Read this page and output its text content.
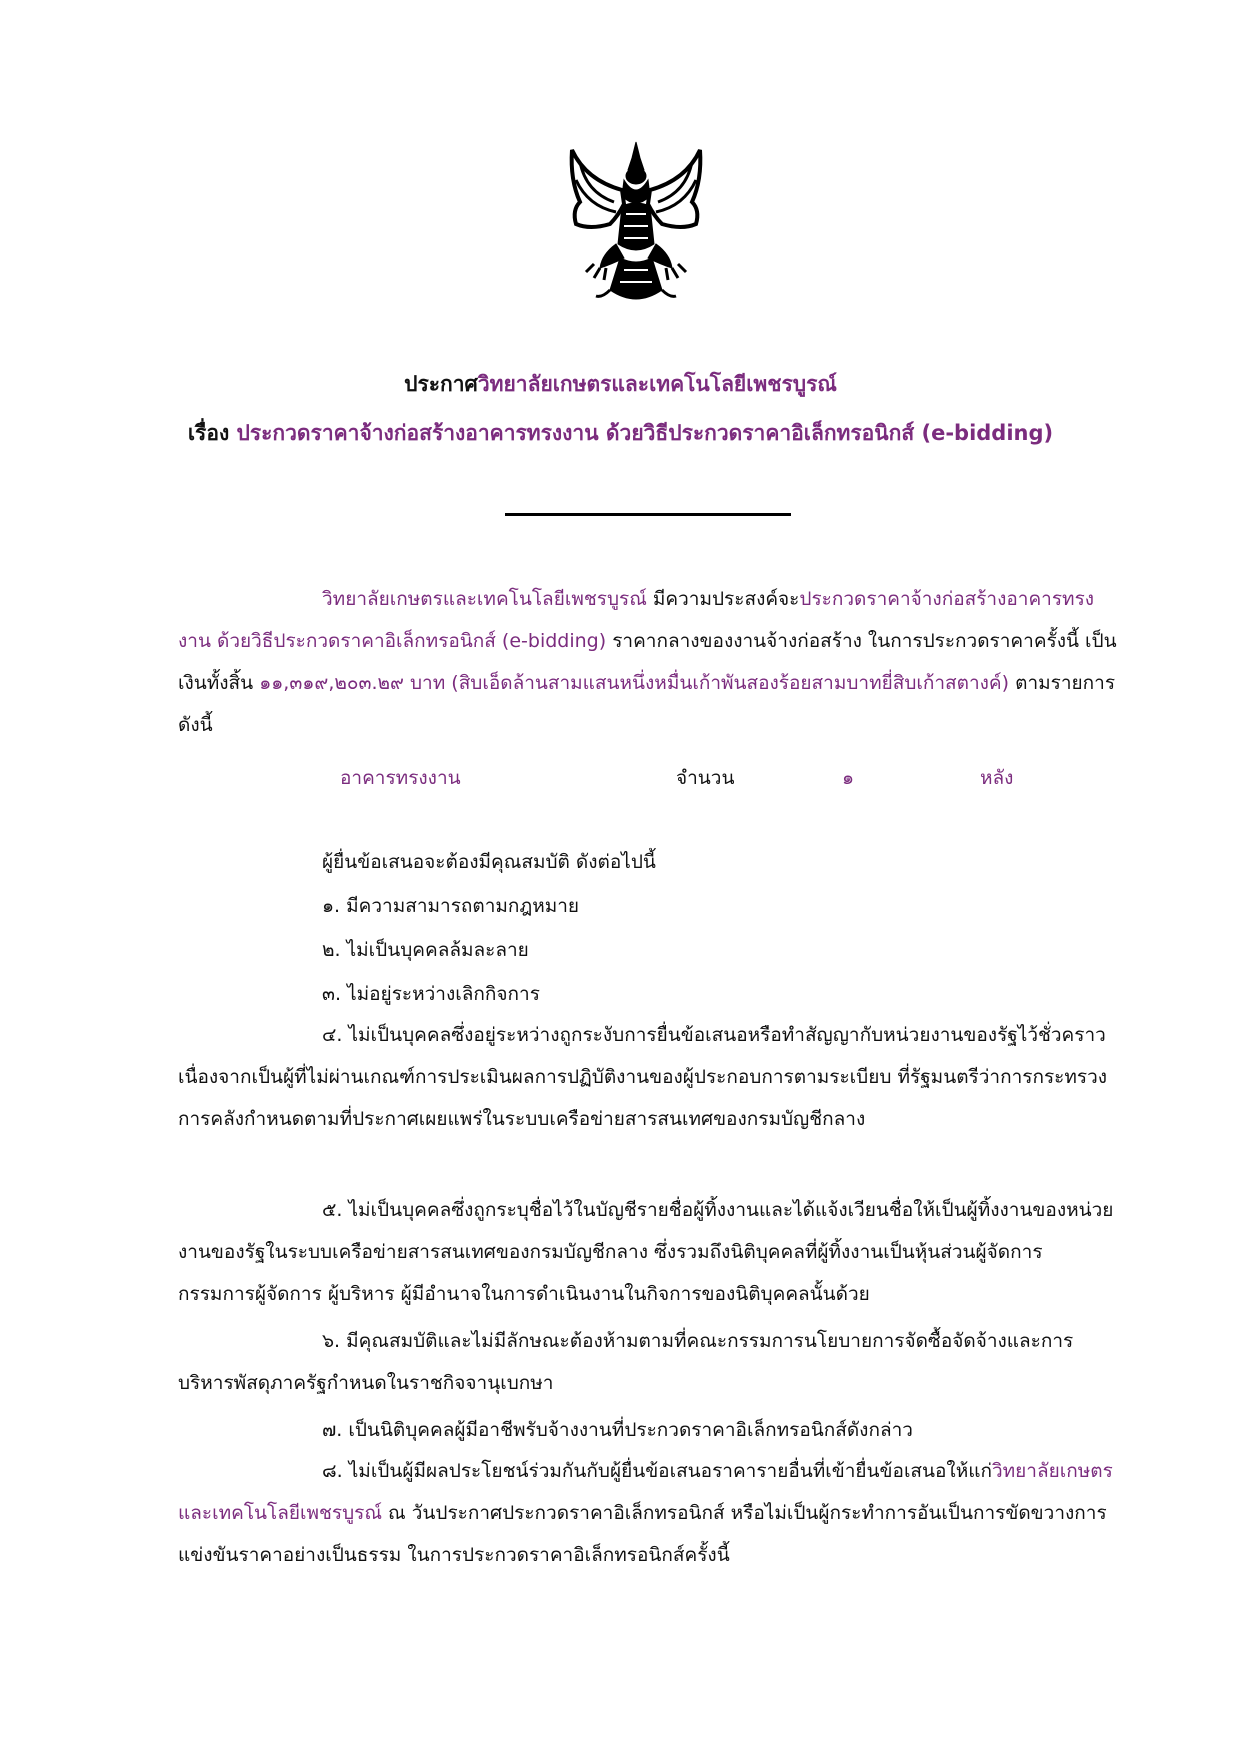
ประกาศวิทยาลัยเกษตรและเทคโนโลยีเพชรบูรณ์
เรื่อง ประกวดราคาจ้างก่อสร้างอาคารทรงงาน ด้วยวิธีประกวดราคาอิเล็กทรอนิกส์ (e-bidding)

วิทยาลัยเกษตรและเทคโนโลยีเพชรบูรณ์ มีความประสงค์จะประกวดราคาจ้างก่อสร้างอาคารทรงงาน ด้วยวิธีประกวดราคาอิเล็กทรอนิกส์ (e-bidding) ราคากลางของงานจ้างก่อสร้าง ในการประกวดราคาครั้งนี้ เป็นเงินทั้งสิ้น ๑๑,๓๑๙,๒๐๓.๒๙ บาท (สิบเอ็ดล้านสามแสนหนึ่งหมื่นเก้าพันสองร้อยสามบาทยี่สิบเก้าสตางค์) ตามรายการ ดังนี้

อาคารทรงงาน	จำนวน	๑	หลัง
ผู้ยื่นข้อเสนอจะต้องมีคุณสมบัติ ดังต่อไปนี้
๑. มีความสามารถตามกฎหมาย
๒. ไม่เป็นบุคคลล้มละลาย
๓. ไม่อยู่ระหว่างเลิกกิจการ

๔. ไม่เป็นบุคคลซึ่งอยู่ระหว่างถูกระงับการยื่นข้อเสนอหรือทำสัญญากับหน่วยงานของรัฐไว้ชั่วคราว เนื่องจากเป็นผู้ที่ไม่ผ่านเกณฑ์การประเมินผลการปฏิบัติงานของผู้ประกอบการตามระเบียบ ที่รัฐมนตรีว่าการกระทรวงการคลังกำหนดตามที่ประกาศเผยแพร่ในระบบเครือข่ายสารสนเทศของกรมบัญชีกลาง

๕. ไม่เป็นบุคคลซึ่งถูกระบุชื่อไว้ในบัญชีรายชื่อผู้ทิ้งงานและได้แจ้งเวียนชื่อให้เป็นผู้ทิ้งงานของหน่วยงานของรัฐในระบบเครือข่ายสารสนเทศของกรมบัญชีกลาง ซึ่งรวมถึงนิติบุคคลที่ผู้ทิ้งงานเป็นหุ้นส่วนผู้จัดการ กรรมการผู้จัดการ ผู้บริหาร ผู้มีอำนาจในการดำเนินงานในกิจการของนิติบุคคลนั้นด้วย

๖. มีคุณสมบัติและไม่มีลักษณะต้องห้ามตามที่คณะกรรมการนโยบายการจัดซื้อจัดจ้างและการบริหารพัสดุภาครัฐกำหนดในราชกิจจานุเบกษา

๗. เป็นนิติบุคคลผู้มีอาชีพรับจ้างงานที่ประกวดราคาอิเล็กทรอนิกส์ดังกล่าว

๘. ไม่เป็นผู้มีผลประโยชน์ร่วมกันกับผู้ยื่นข้อเสนอราคารายอื่นที่เข้ายื่นข้อเสนอให้แก่วิทยาลัยเกษตรและเทคโนโลยีเพชรบูรณ์ ณ วันประกาศประกวดราคาอิเล็กทรอนิกส์ หรือไม่เป็นผู้กระทำการอันเป็นการขัดขวางการแข่งขันราคาอย่างเป็นธรรม ในการประกวดราคาอิเล็กทรอนิกส์ครั้งนี้
